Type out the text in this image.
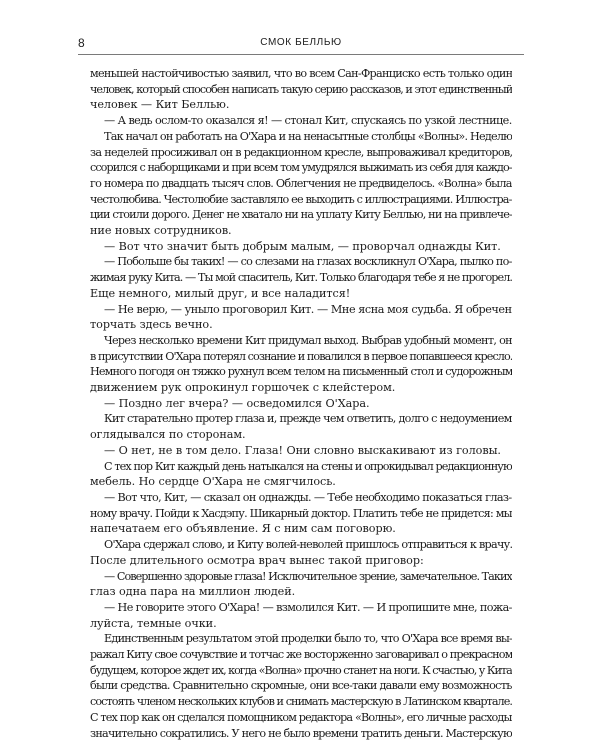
8	СМОК БЕЛЛЬЮ
меньшей настойчивостью заявил, что во всем Сан-Франциско есть только один
человек, который способен написать такую серию рассказов, и этот единственный
человек — Кит Беллью.
— А ведь ослом-то оказался я! — стонал Кит, спускаясь по узкой лестнице.
Так начал он работать на О'Хара и на ненасытные столбцы «Волны». Неделю
за неделей просиживал он в редакционном кресле, выпроваживал кредиторов,
ссорился с наборщиками и при всем том умудрялся выжимать из себя для каждо-
го номера по двадцать тысяч слов. Облегчения не предвиделось. «Волна» была
честолюбива. Честолюбие заставляло ее выходить с иллюстрациями. Иллюстра-
ции стоили дорого. Денег не хватало ни на уплату Киту Беллью, ни на привлече-
ние новых сотрудников.
— Вот что значит быть добрым малым, — проворчал однажды Кит.
— Побольше бы таких! — со слезами на глазах воскликнул О'Хара, пылко по-
жимая руку Кита. — Ты мой спаситель, Кит. Только благодаря тебе я не прогорел.
Еще немного, милый друг, и все наладится!
— Не верю, — уныло проговорил Кит. — Мне ясна моя судьба. Я обречен
торчать здесь вечно.
Через несколько времени Кит придумал выход. Выбрав удобный момент, он
в присутствии О'Хара потерял сознание и повалился в первое попавшееся кресло.
Немного погодя он тяжко рухнул всем телом на письменный стол и судорожным
движением рук опрокинул горшочек с клейстером.
— Поздно лег вчера? — осведомился О'Хара.
Кит старательно протер глаза и, прежде чем ответить, долго с недоумением
оглядывался по сторонам.
— О нет, не в том дело. Глаза! Они словно выскакивают из головы.
С тех пор Кит каждый день натыкался на стены и опрокидывал редакционную
мебель. Но сердце О'Хара не смягчилось.
— Вот что, Кит, — сказал он однажды. — Тебе необходимо показаться глаз-
ному врачу. Пойди к Хасдэпу. Шикарный доктор. Платить тебе не придется: мы
напечатаем его объявление. Я с ним сам поговорю.
О'Хара сдержал слово, и Киту волей-неволей пришлось отправиться к врачу.
После длительного осмотра врач вынес такой приговор:
— Совершенно здоровые глаза! Исключительное зрение, замечательное. Таких
глаз одна пара на миллион людей.
— Не говорите этого О'Хара! — взмолился Кит. — И пропишите мне, пожа-
луйста, темные очки.
Единственным результатом этой проделки было то, что О'Хара все время вы-
ражал Киту свое сочувствие и тотчас же восторженно заговаривал о прекрасном
будущем, которое ждет их, когда «Волна» прочно станет на ноги. К счастью, у Кита
были средства. Сравнительно скромные, они все-таки давали ему возможность
состоять членом нескольких клубов и снимать мастерскую в Латинском квартале.
С тех пор как он сделался помощником редактора «Волны», его личные расходы
значительно сократились. У него не было времени тратить деньги. Мастерскую
